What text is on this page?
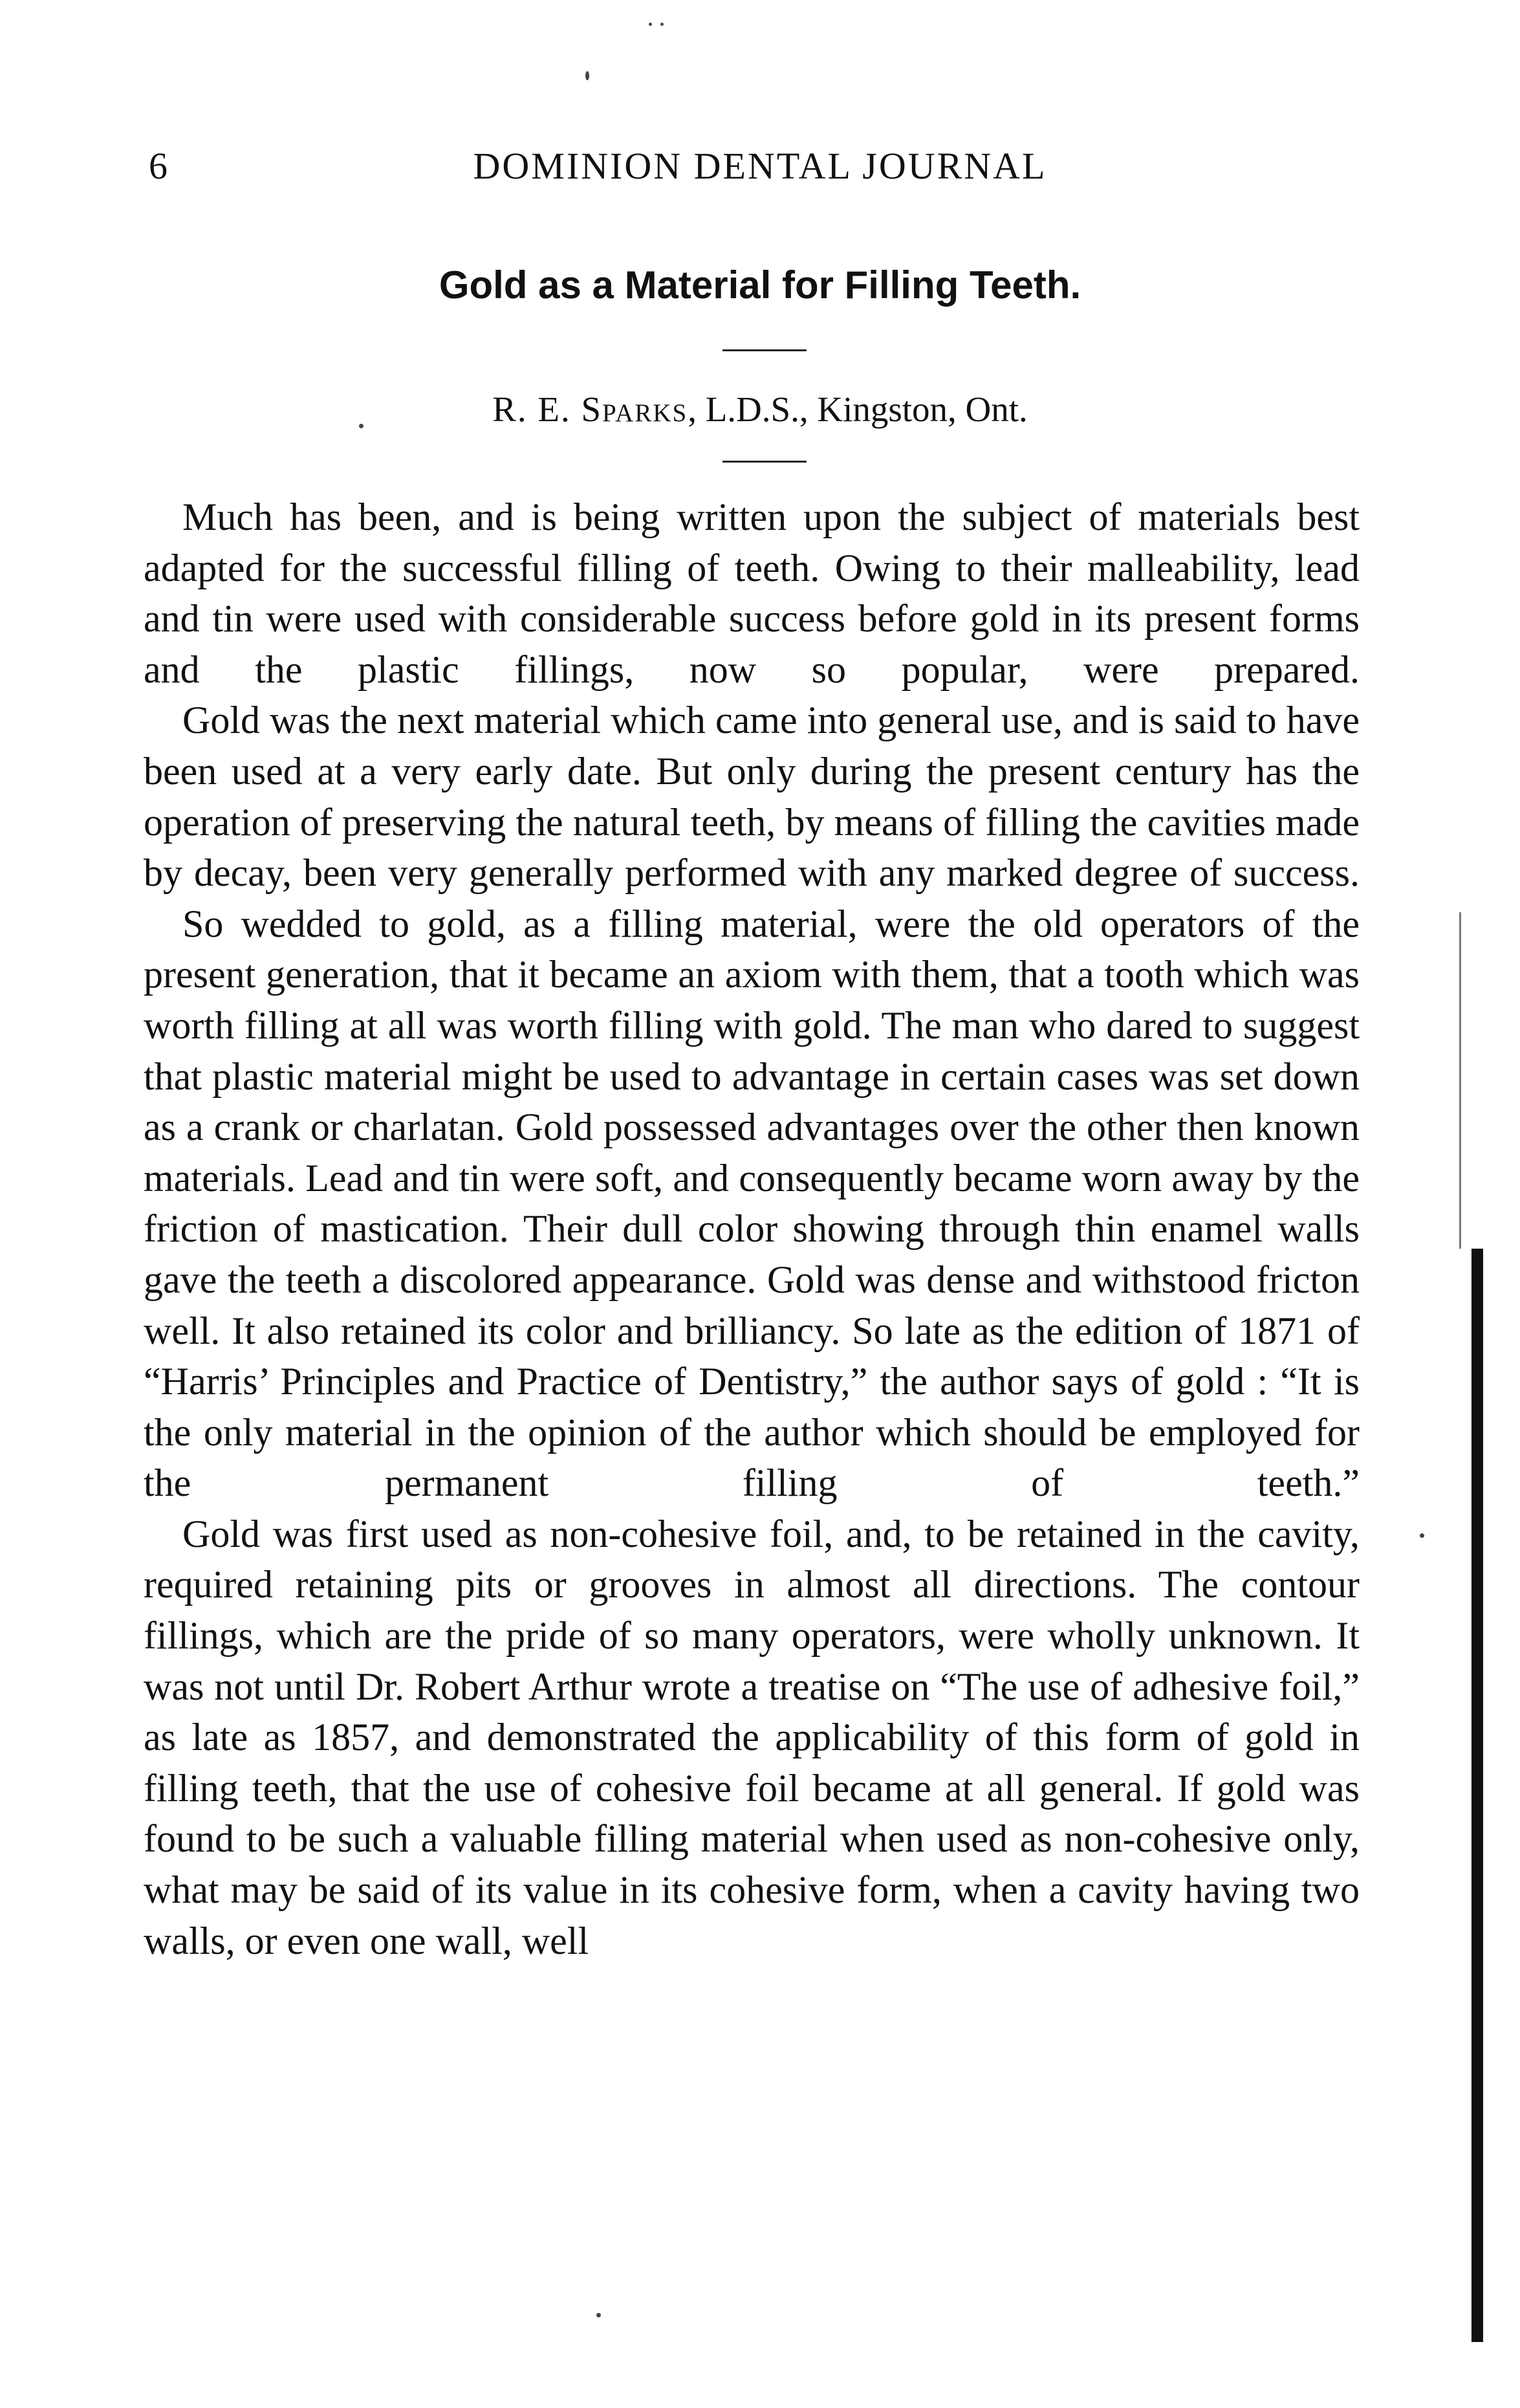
6	DOMINION DENTAL JOURNAL
Gold as a Material for Filling Teeth.
R. E. Sparks, L.D.S., Kingston, Ont.

Much has been, and is being written upon the subject of materials best adapted for the successful filling of teeth. Owing to their malleability, lead and tin were used with considerable success before gold in its present forms and the plastic fillings, now so popular, were prepared.

Gold was the next material which came into general use, and is said to have been used at a very early date. But only during the present century has the operation of preserving the natural teeth, by means of filling the cavities made by decay, been very generally performed with any marked degree of success.

So wedded to gold, as a filling material, were the old operators of the present generation, that it became an axiom with them, that a tooth which was worth filling at all was worth filling with gold. The man who dared to suggest that plastic material might be used to advantage in certain cases was set down as a crank or charlatan. Gold possessed advantages over the other then known materials. Lead and tin were soft, and consequently became worn away by the friction of mastication. Their dull color showing through thin enamel walls gave the teeth a discolored appearance. Gold was dense and withstood fricton well. It also retained its color and brilliancy. So late as the edition of 1871 of “Harris’ Principles and Practice of Dentistry,” the author says of gold : “It is the only material in the opinion of the author which should be employed for the permanent filling of teeth.”

Gold was first used as non-cohesive foil, and, to be retained in the cavity, required retaining pits or grooves in almost all directions. The contour fillings, which are the pride of so many operators, were wholly unknown. It was not until Dr. Robert Arthur wrote a treatise on “The use of adhesive foil,” as late as 1857, and demonstrated the applicability of this form of gold in filling teeth, that the use of cohesive foil became at all general. If gold was found to be such a valuable filling material when used as non-cohesive only, what may be said of its value in its cohesive form, when a cavity having two walls, or even one wall, well
